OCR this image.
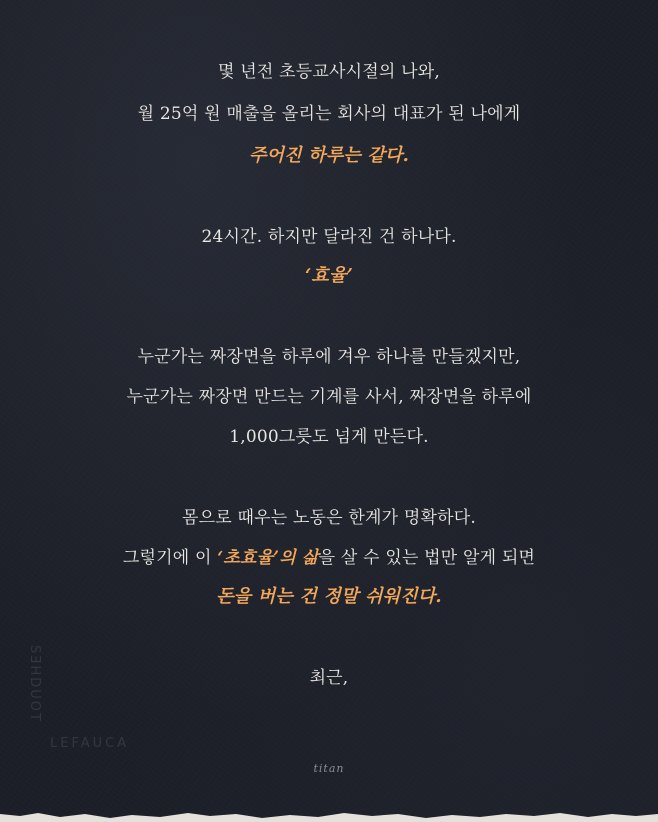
몇 년전 초등교사시절의 나와,
월 25억 원 매출을 올리는 회사의 대표가 된 나에게
주어진 하루는 같다.
24시간. 하지만 달라진 건 하나다.
‘효율’
누군가는 짜장면을 하루에 겨우 하나를 만들겠지만,
누군가는 짜장면 만드는 기계를 사서, 짜장면을 하루에
1,000그릇도 넘게 만든다.
몸으로 때우는 노동은 한계가 명확하다.
그렇기에 이 ‘초효율’의 삶을 살 수 있는 법만 알게 되면
돈을 버는 건 정말 쉬워진다.
최근,
SƎHDUOT
LEFAUCA
titan
